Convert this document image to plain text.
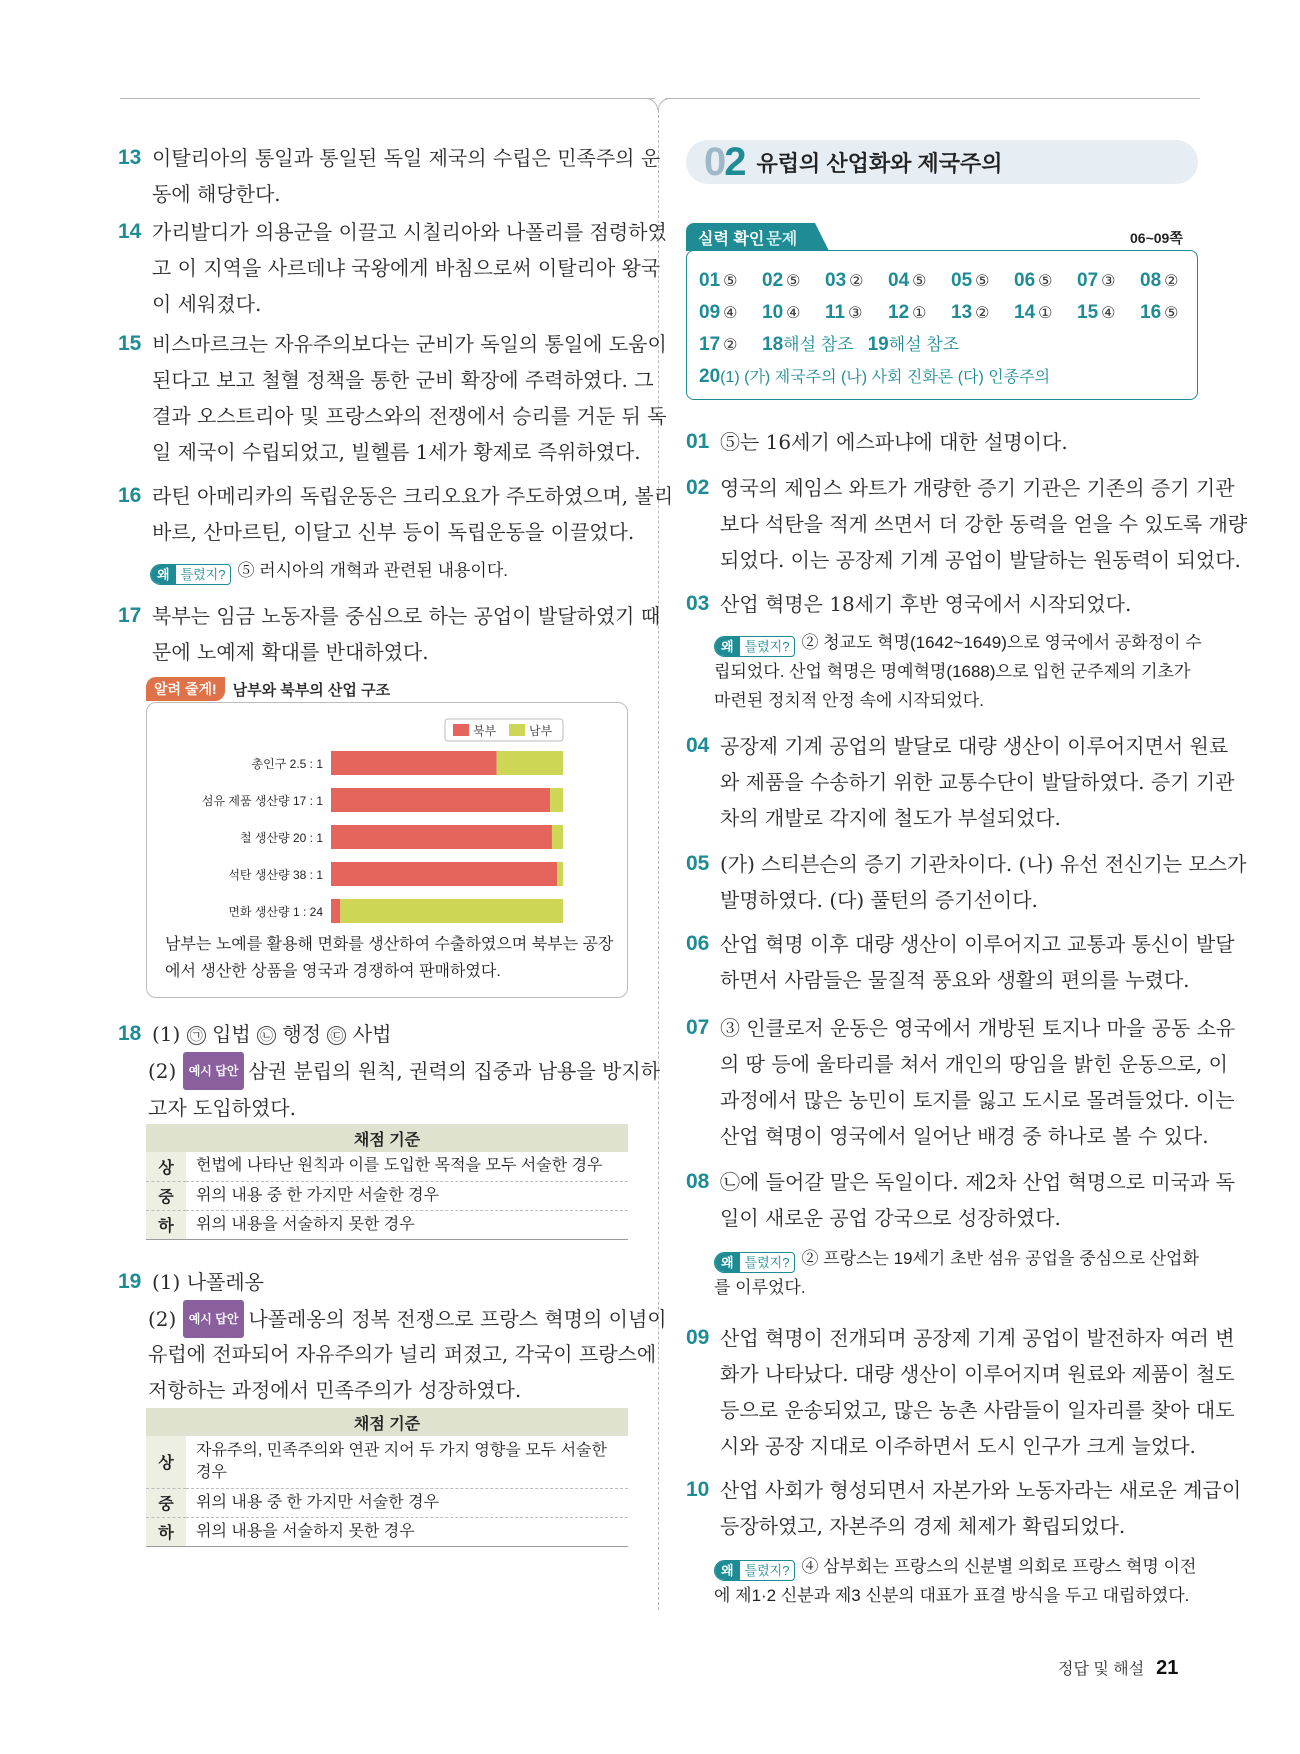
13 이탈리아의 통일과 통일된 독일 제국의 수립은 민족주의 운
동에 해당한다.
14 가리발디가 의용군을 이끌고 시칠리아와 나폴리를 점령하였
고 이 지역을 사르데냐 국왕에게 바침으로써 이탈리아 왕국
이 세워졌다.
15 비스마르크는 자유주의보다는 군비가 독일의 통일에 도움이
된다고 보고 철혈 정책을 통한 군비 확장에 주력하였다. 그
결과 오스트리아 및 프랑스와의 전쟁에서 승리를 거둔 뒤 독
일 제국이 수립되었고, 빌헬름 1세가 황제로 즉위하였다.
16 라틴 아메리카의 독립운동은 크리오요가 주도하였으며, 볼리
바르, 산마르틴, 이달고 신부 등이 독립운동을 이끌었다.
왜 틀렸지? ⑤ 러시아의 개혁과 관련된 내용이다.
17 북부는 임금 노동자를 중심으로 하는 공업이 발달하였기 때
문에 노예제 확대를 반대하였다.
알려 줄게!	남부와 북부의 산업 구조
북부	남부
총인구 2.5 : 1
섬유 제품 생산량 17 : 1
철 생산량 20 : 1
석탄 생산량 38 : 1
면화 생산량 1 : 24
남부는 노예를 활용해 면화를 생산하여 수출하였으며 북부는 공장
에서 생산한 상품을 영국과 경쟁하여 판매하였다.
18 (1) ㉠ 입법 ㉡ 행정 ㉢ 사법
(2) 예시 답안 삼권 분립의 원칙, 권력의 집중과 남용을 방지하
고자 도입하였다.
채점 기준	
상	헌법에 나타난 원칙과 이를 도입한 목적을 모두 서술한 경우
중	위의 내용 중 한 가지만 서술한 경우
하	위의 내용을 서술하지 못한 경우
19 (1) 나폴레옹
(2) 예시 답안 나폴레옹의 정복 전쟁으로 프랑스 혁명의 이념이
유럽에 전파되어 자유주의가 널리 퍼졌고, 각국이 프랑스에
저항하는 과정에서 민족주의가 성장하였다.
채점 기준	
상	자유주의, 민족주의와 연관 지어 두 가지 영향을 모두 서술한
경우

중	위의 내용 중 한 가지만 서술한 경우
하	위의 내용을 서술하지 못한 경우
02 유럽의 산업화와 제국주의
실력 확인 문제	06~09쪽
01 ⑤	02 ⑤	03 ②	04 ⑤	05 ⑤	06 ⑤	07 ③	08 ②
09 ④	10 ④	11 ③	12 ①	13 ②	14 ①	15 ④	16 ⑤
17 ②	18해설 참조 19해설 참조
20(1) (가) 제국주의 (나) 사회 진화론 (다) 인종주의
01 ⑤는 16세기 에스파냐에 대한 설명이다.
02 영국의 제임스 와트가 개량한 증기 기관은 기존의 증기 기관
보다 석탄을 적게 쓰면서 더 강한 동력을 얻을 수 있도록 개량
되었다. 이는 공장제 기계 공업이 발달하는 원동력이 되었다.
03 산업 혁명은 18세기 후반 영국에서 시작되었다.
왜 틀렸지? ② 청교도 혁명(1642~1649)으로 영국에서 공화정이 수
립되었다. 산업 혁명은 명예혁명(1688)으로 입헌 군주제의 기초가
마련된 정치적 안정 속에 시작되었다.
04 공장제 기계 공업의 발달로 대량 생산이 이루어지면서 원료
와 제품을 수송하기 위한 교통수단이 발달하였다. 증기 기관
차의 개발로 각지에 철도가 부설되었다.
05 (가) 스티븐슨의 증기 기관차이다. (나) 유선 전신기는 모스가
발명하였다. (다) 풀턴의 증기선이다.
06 산업 혁명 이후 대량 생산이 이루어지고 교통과 통신이 발달
하면서 사람들은 물질적 풍요와 생활의 편의를 누렸다.
07 ③ 인클로저 운동은 영국에서 개방된 토지나 마을 공동 소유
의 땅 등에 울타리를 쳐서 개인의 땅임을 밝힌 운동으로, 이
과정에서 많은 농민이 토지를 잃고 도시로 몰려들었다. 이는
산업 혁명이 영국에서 일어난 배경 중 하나로 볼 수 있다.
08 ㉡에 들어갈 말은 독일이다. 제2차 산업 혁명으로 미국과 독
일이 새로운 공업 강국으로 성장하였다.
왜 틀렸지? ② 프랑스는 19세기 초반 섬유 공업을 중심으로 산업화
를 이루었다.
09 산업 혁명이 전개되며 공장제 기계 공업이 발전하자 여러 변
화가 나타났다. 대량 생산이 이루어지며 원료와 제품이 철도
등으로 운송되었고, 많은 농촌 사람들이 일자리를 찾아 대도
시와 공장 지대로 이주하면서 도시 인구가 크게 늘었다.
10 산업 사회가 형성되면서 자본가와 노동자라는 새로운 계급이
등장하였고, 자본주의 경제 체제가 확립되었다.
왜 틀렸지? ④ 삼부회는 프랑스의 신분별 의회로 프랑스 혁명 이전
에 제1·2 신분과 제3 신분의 대표가 표결 방식을 두고 대립하였다.
정답 및 해설 21
